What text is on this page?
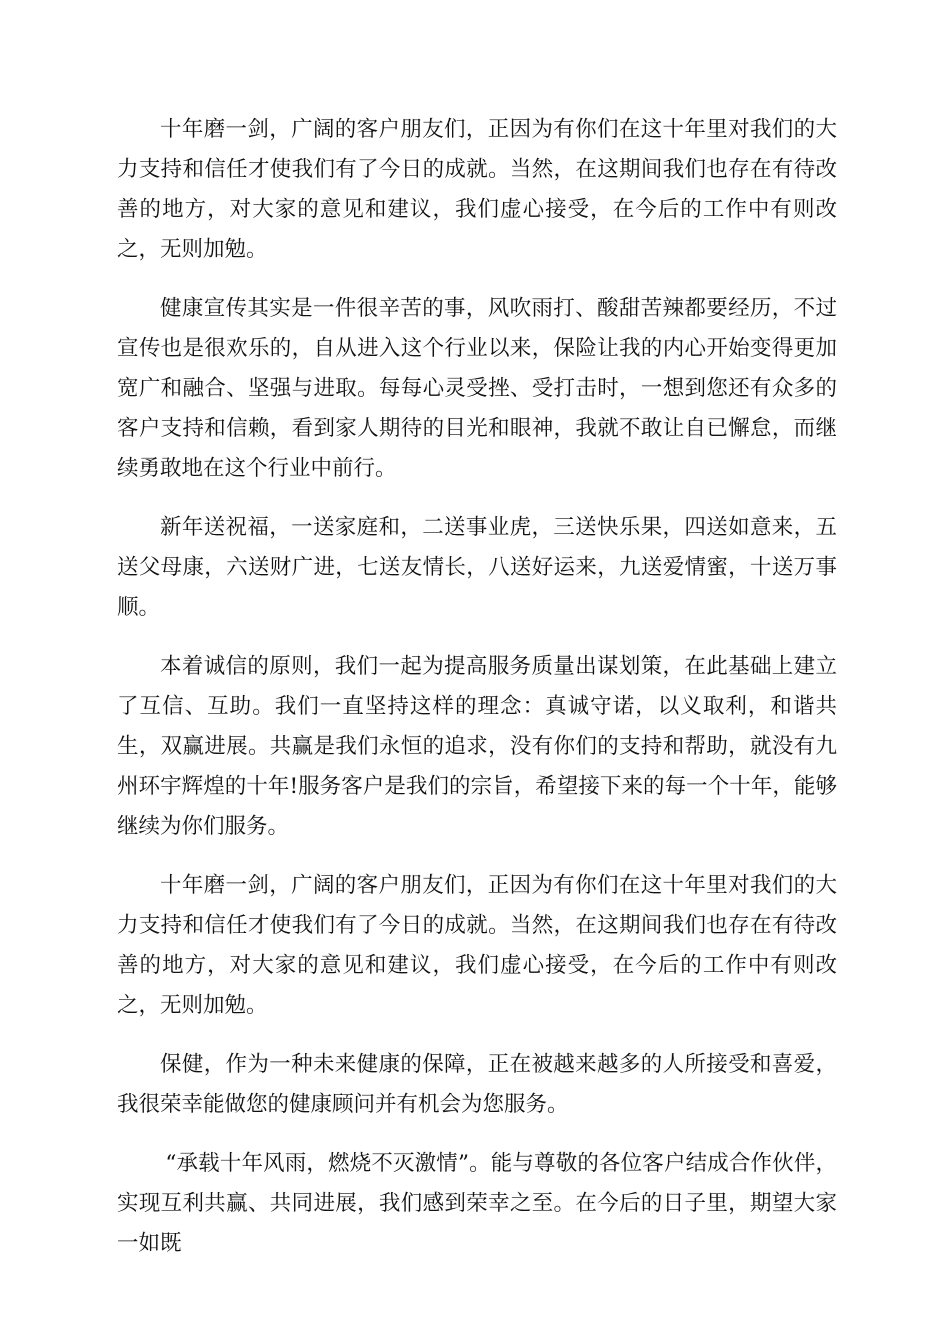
十年磨一剑，广阔的客户朋友们，正因为有你们在这十年里对我们的大力支持和信任才使我们有了今日的成就。当然，在这期间我们也存在有待改善的地方，对大家的意见和建议，我们虚心接受，在今后的工作中有则改之，无则加勉。

健康宣传其实是一件很辛苦的事，风吹雨打、酸甜苦辣都要经历，不过宣传也是很欢乐的，自从进入这个行业以来，保险让我的内心开始变得更加宽广和融合、坚强与进取。每每心灵受挫、受打击时，一想到您还有众多的客户支持和信赖，看到家人期待的目光和眼神，我就不敢让自已懈怠，而继续勇敢地在这个行业中前行。

新年送祝福，一送家庭和，二送事业虎，三送快乐果，四送如意来，五送父母康，六送财广进，七送友情长，八送好运来，九送爱情蜜，十送万事顺。

本着诚信的原则，我们一起为提高服务质量出谋划策，在此基础上建立了互信、互助。我们一直坚持这样的理念：真诚守诺，以义取利，和谐共生，双赢进展。共赢是我们永恒的追求，没有你们的支持和帮助，就没有九州环宇辉煌的十年!服务客户是我们的宗旨，希望接下来的每一个十年，能够继续为你们服务。

十年磨一剑，广阔的客户朋友们，正因为有你们在这十年里对我们的大力支持和信任才使我们有了今日的成就。当然，在这期间我们也存在有待改善的地方，对大家的意见和建议，我们虚心接受，在今后的工作中有则改之，无则加勉。

保健，作为一种未来健康的保障，正在被越来越多的人所接受和喜爱，我很荣幸能做您的健康顾问并有机会为您服务。

“承载十年风雨，燃烧不灭激情”。能与尊敬的各位客户结成合作伙伴，实现互利共赢、共同进展，我们感到荣幸之至。在今后的日子里，期望大家一如既
